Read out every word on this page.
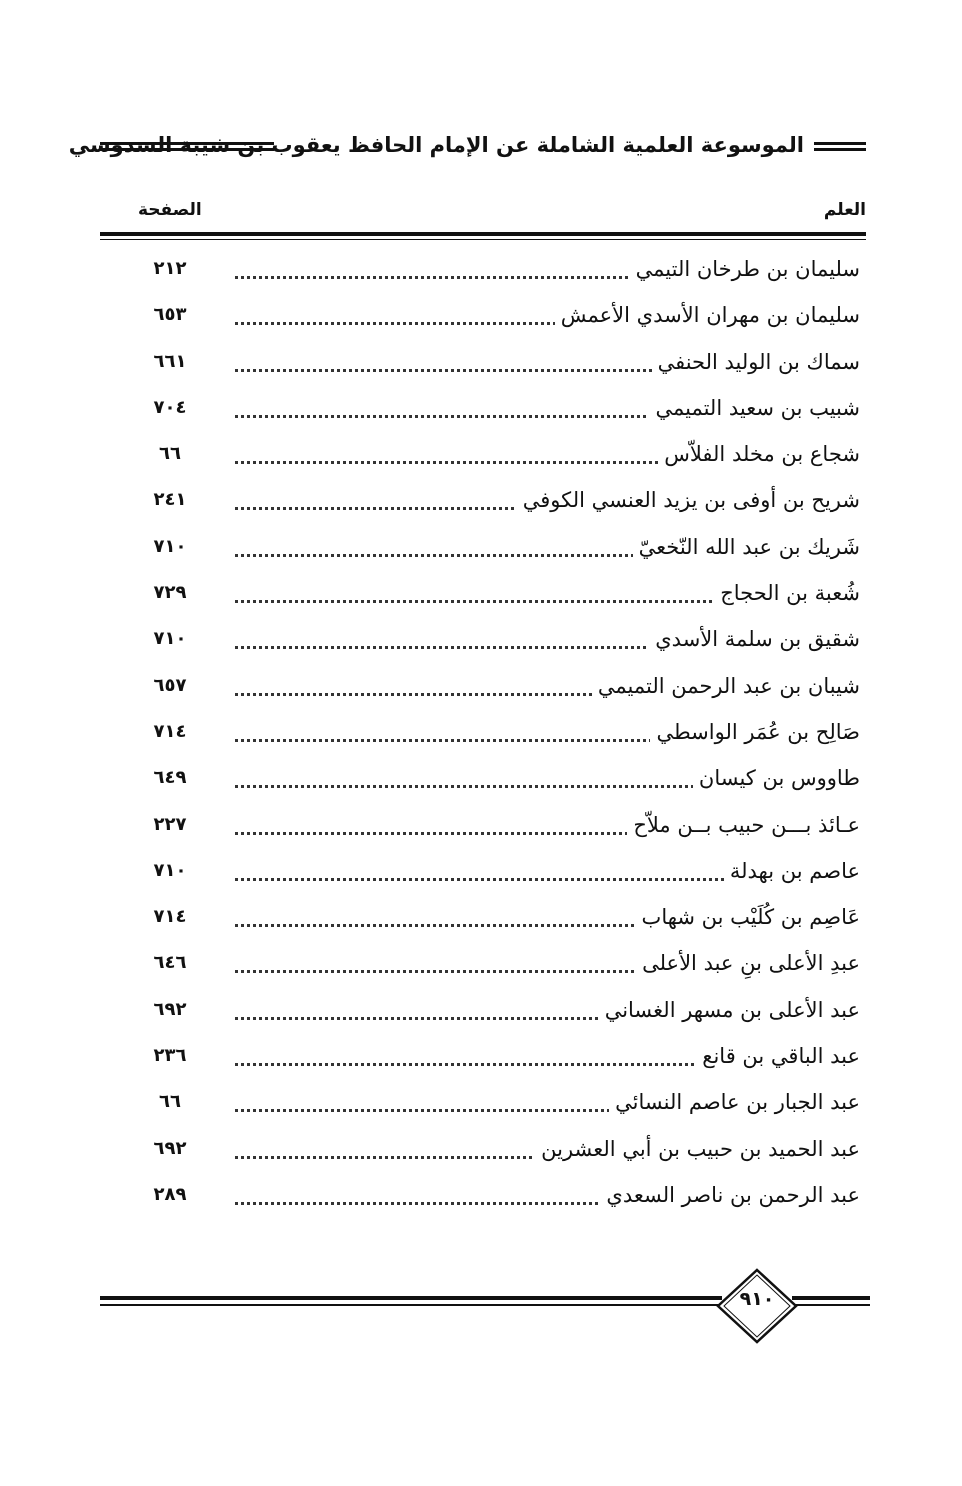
الموسوعة العلمية الشاملة عن الإمام الحافظ يعقوب بن شيبة السدوسي
العلم
الصفحة
سليمان بن طرخان التيمي
٢١٢
سليمان بن مهران الأسدي الأعمش
٦٥٣
سماك بن الوليد الحنفي
٦٦١
شبيب بن سعيد التميمي
٧٠٤
شجاع بن مخلد الفلاّس
٦٦
شريح بن أوفى بن يزيد العنسي الكوفي
٢٤١
شَريك بن عبد الله النّخعيّ
٧١٠
شُعبة بن الحجاج
٧٢٩
شقيق بن سلمة الأسدي
٧١٠
شيبان بن عبد الرحمن التميمي
٦٥٧
صَالِح بن عُمَر الواسطي
٧١٤
طاووس بن كيسان
٦٤٩
عـائذ بـــن حبيب بــن ملاّح
٢٢٧
عاصم بن بهدلة
٧١٠
عَاصِم بن كُلَيْب بن شهاب
٧١٤
عبدِ الأعلى بنِ عبد الأعلى
٦٤٦
عبد الأعلى بن مسهر الغساني
٦٩٢
عبد الباقي بن قانع
٢٣٦
عبد الجبار بن عاصم النسائي
٦٦
عبد الحميد بن حبيب بن أبي العشرين
٦٩٢
عبد الرحمن بن ناصر السعدي
٢٨٩
٩١٠
